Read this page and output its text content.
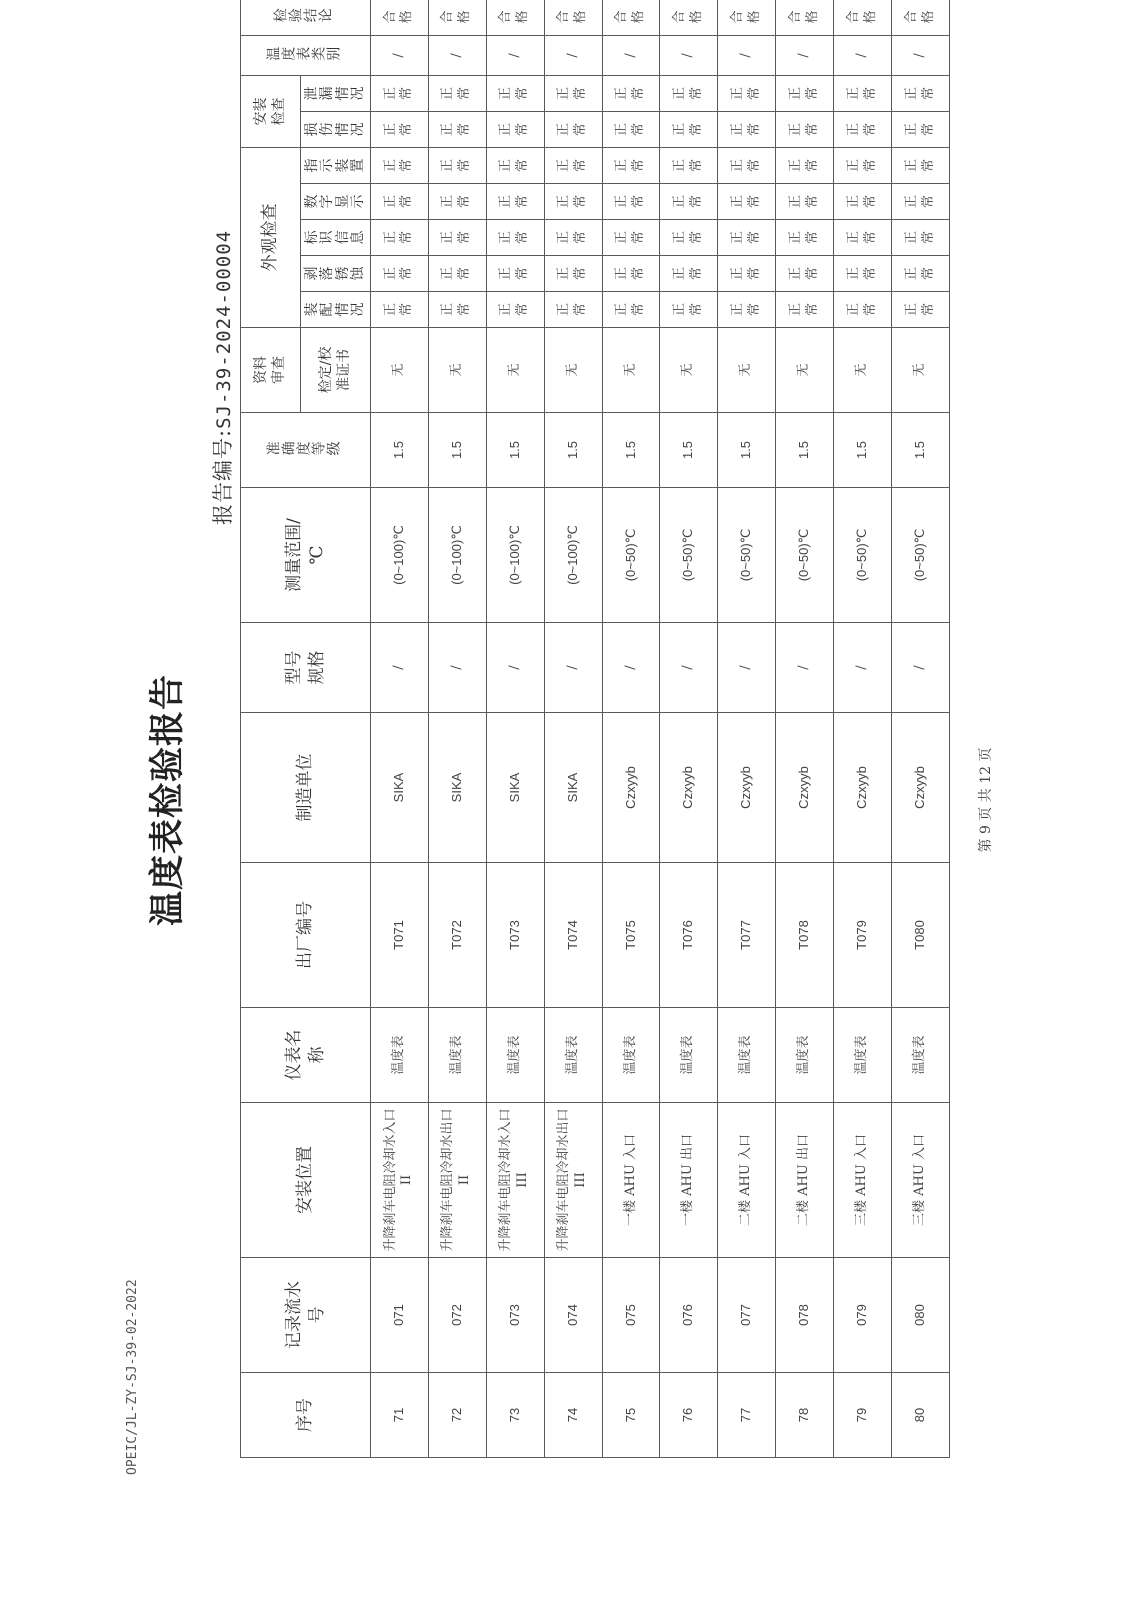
OPEIC/JL-ZY-SJ-39-02-2022
温度表检验报告
报告编号:SJ-39-2024-00004
序号	记录流水号	安装位置	仪表名称	出厂编号	制造单位	型号规格	测量范围/℃	准确度等级	资料审查	外观检查					安装检查		温度表类别	检验结论
									检定/校准证书	装配情况	剥落锈蚀	标识信息	数字显示	指示装置	损伤情况	泄漏情况		
71	071	升降刹车电阻冷却水入口II	温度表	T071	SIKA	/	(0~100)℃	1.5	无	正常	正常	正常	正常	正常	正常	正常	/	合格
72	072	升降刹车电阻冷却水出口II	温度表	T072	SIKA	/	(0~100)℃	1.5	无	正常	正常	正常	正常	正常	正常	正常	/	合格
73	073	升降刹车电阻冷却水入口III	温度表	T073	SIKA	/	(0~100)℃	1.5	无	正常	正常	正常	正常	正常	正常	正常	/	合格
74	074	升降刹车电阻冷却水出口III	温度表	T074	SIKA	/	(0~100)℃	1.5	无	正常	正常	正常	正常	正常	正常	正常	/	合格
75	075	一楼 AHU 入口	温度表	T075	Czxyyb	/	(0~50)℃	1.5	无	正常	正常	正常	正常	正常	正常	正常	/	合格
76	076	一楼 AHU 出口	温度表	T076	Czxyyb	/	(0~50)℃	1.5	无	正常	正常	正常	正常	正常	正常	正常	/	合格
77	077	二楼 AHU 入口	温度表	T077	Czxyyb	/	(0~50)℃	1.5	无	正常	正常	正常	正常	正常	正常	正常	/	合格
78	078	二楼 AHU 出口	温度表	T078	Czxyyb	/	(0~50)℃	1.5	无	正常	正常	正常	正常	正常	正常	正常	/	合格
79	079	三楼 AHU 入口	温度表	T079	Czxyyb	/	(0~50)℃	1.5	无	正常	正常	正常	正常	正常	正常	正常	/	合格
80	080	三楼 AHU 入口	温度表	T080	Czxyyb	/	(0~50)℃	1.5	无	正常	正常	正常	正常	正常	正常	正常	/	合格
第 9 页 共 12 页
